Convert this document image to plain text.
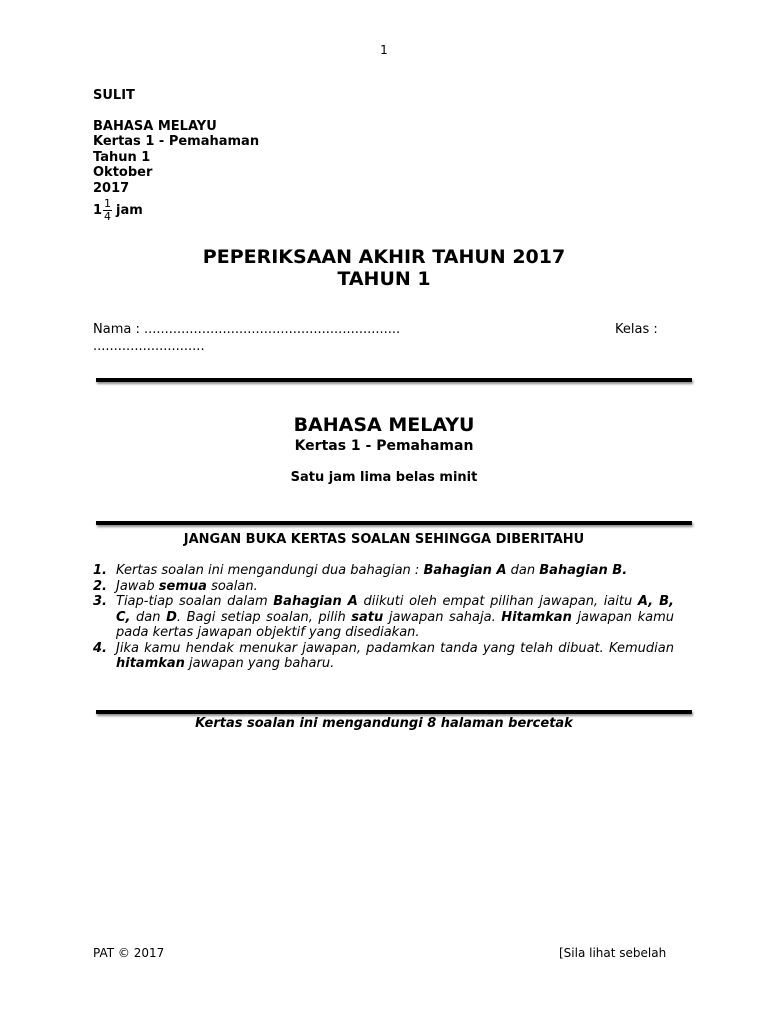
1
SULIT
BAHASA MELAYU
Kertas 1 - Pemahaman
Tahun 1
Oktober
2017
$1 \frac{1}{4}$ jam
PEPERIKSAAN AKHIR TAHUN 2017
TAHUN 1
Nama : ..............................................................	Kelas :
...........................
BAHASA MELAYU
Kertas 1 - Pemahaman
Satu jam lima belas minit
JANGAN BUKA KERTAS SOALAN SEHINGGA DIBERITAHU
1. Kertas soalan ini mengandungi dua bahagian : Bahagian A dan Bahagian B.
2. Jawab semua soalan.
3. Tiap-tiap soalan dalam Bahagian A diikuti oleh empat pilihan jawapan, iaitu A, B, C, dan D. Bagi setiap soalan, pilih satu jawapan sahaja. Hitamkan jawapan kamu pada kertas jawapan objektif yang disediakan.
4. Jika kamu hendak menukar jawapan, padamkan tanda yang telah dibuat. Kemudian hitamkan jawapan yang baharu.
Kertas soalan ini mengandungi 8 halaman bercetak
PAT © 2017	[Sila lihat sebelah
